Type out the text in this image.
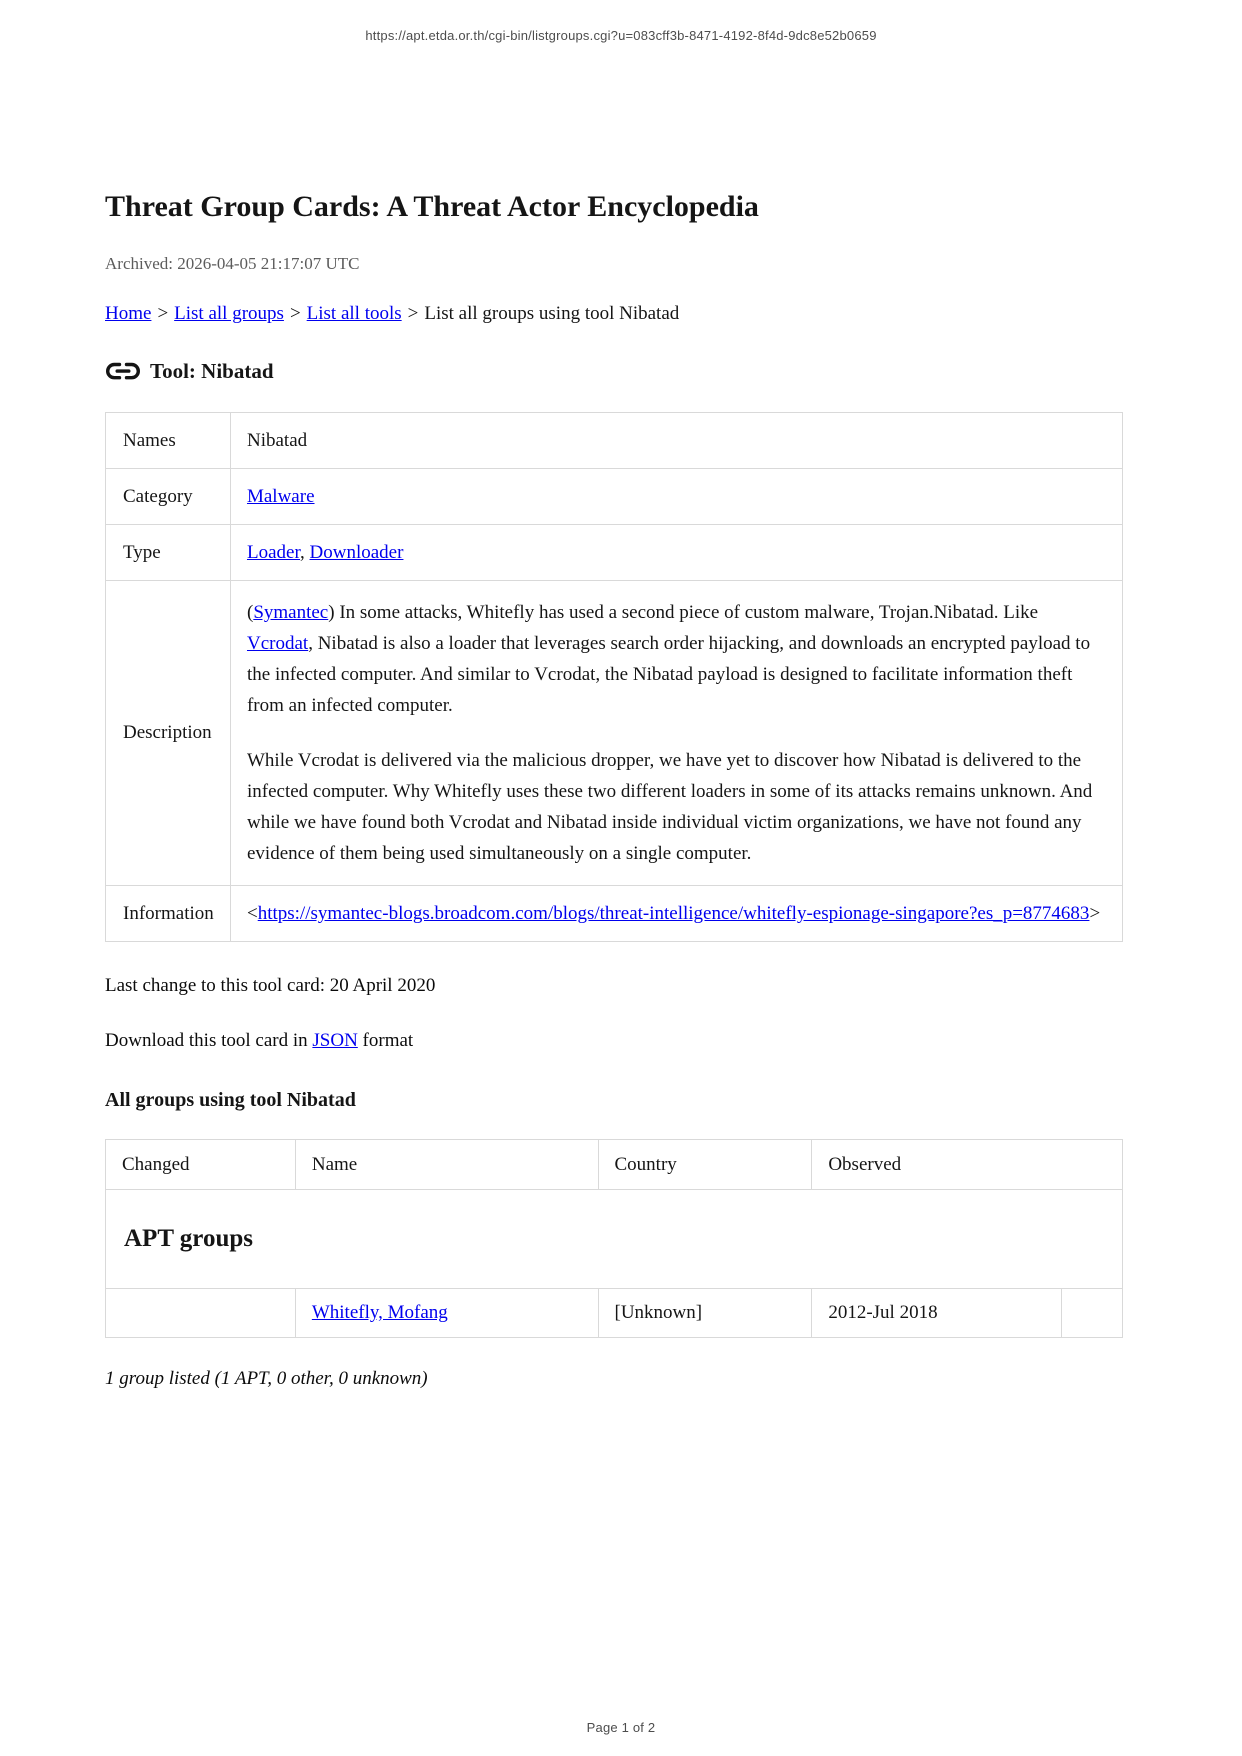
https://apt.etda.or.th/cgi-bin/listgroups.cgi?u=083cff3b-8471-4192-8f4d-9dc8e52b0659
Threat Group Cards: A Threat Actor Encyclopedia
Archived: 2026-04-05 21:17:07 UTC
Home > List all groups > List all tools > List all groups using tool Nibatad
Tool: Nibatad
Names	Nibatad
Category	Malware
Type	Loader, Downloader
Description	(Symantec) In some attacks, Whitefly has used a second piece of custom malware, Trojan.Nibatad. Like Vcrodat, Nibatad is also a loader that leverages search order hijacking, and downloads an encrypted payload to the infected computer. And similar to Vcrodat, the Nibatad payload is designed to facilitate information theft from an infected computer.

While Vcrodat is delivered via the malicious dropper, we have yet to discover how Nibatad is delivered to the infected computer. Why Whitefly uses these two different loaders in some of its attacks remains unknown. And while we have found both Vcrodat and Nibatad inside individual victim organizations, we have not found any evidence of them being used simultaneously on a single computer.

Information	<https://symantec-blogs.broadcom.com/blogs/threat-intelligence/whitefly-espionage-singapore?es_p=8774683>
Last change to this tool card: 20 April 2020
Download this tool card in JSON format
All groups using tool Nibatad
Changed	Name	Country	Observed	
APT groups				
	Whitefly, Mofang	[Unknown]	2012-Jul 2018	
1 group listed (1 APT, 0 other, 0 unknown)
Page 1 of 2
